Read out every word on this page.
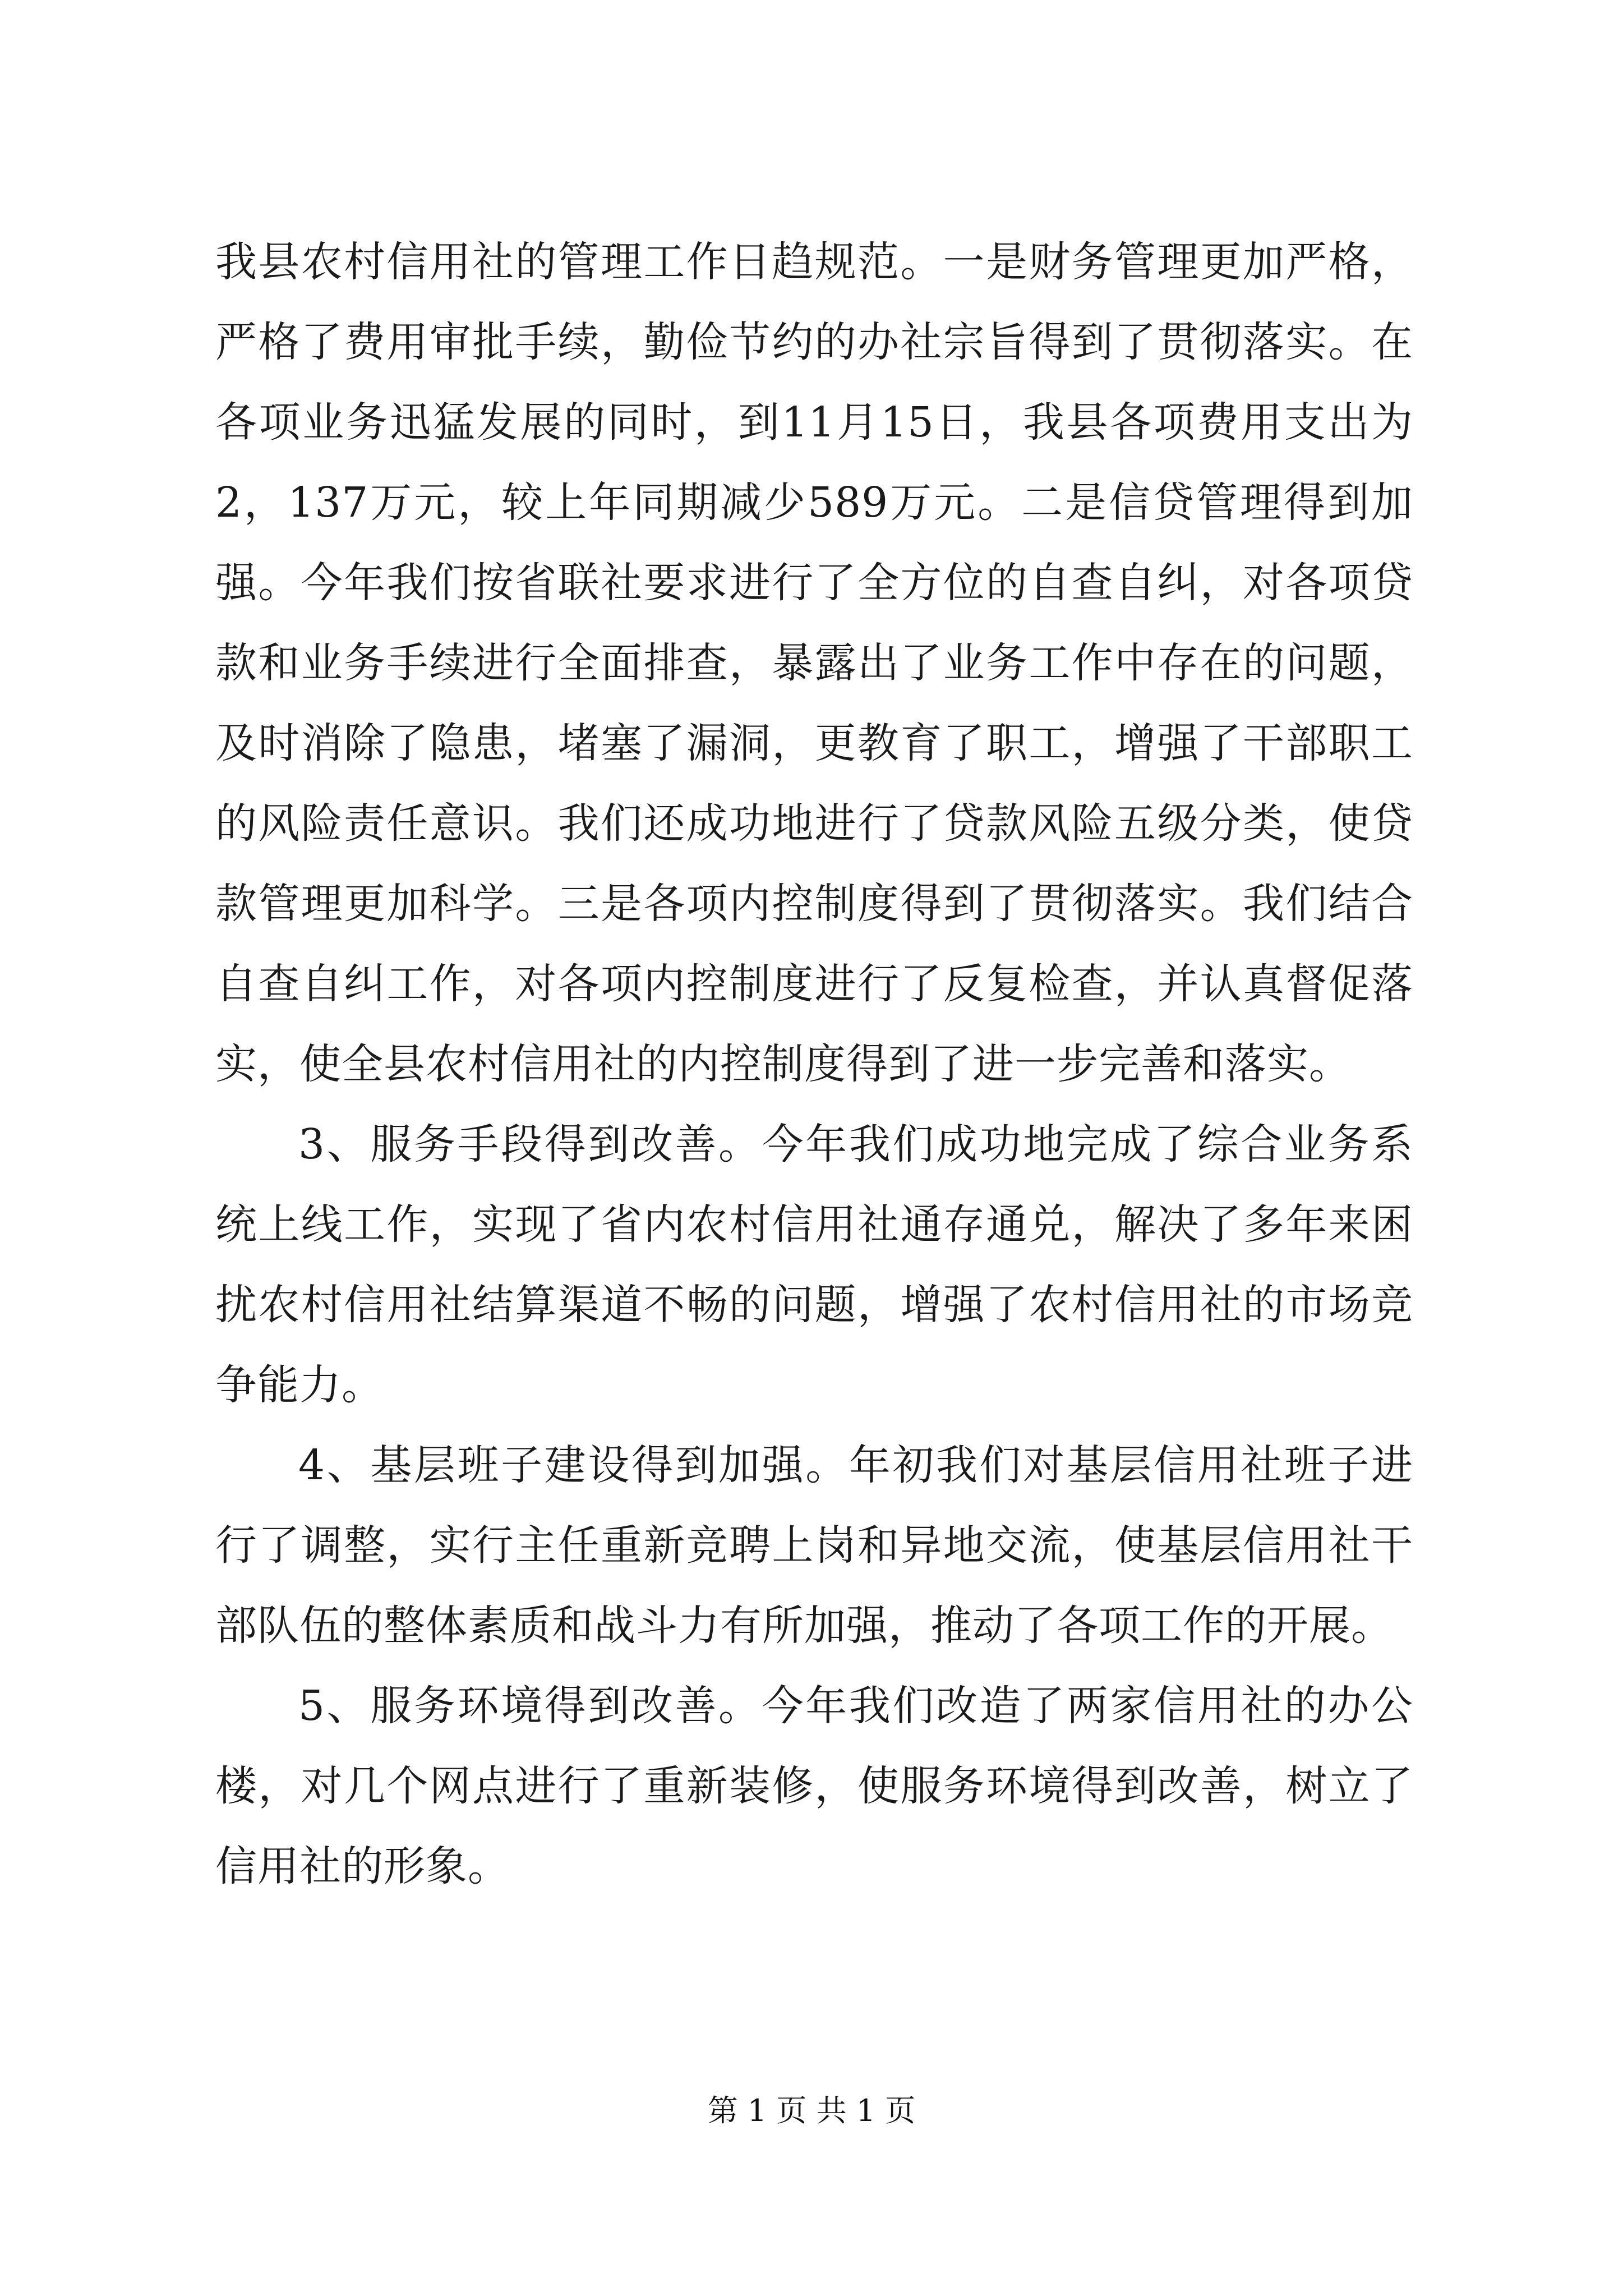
我县农村信用社的管理工作日趋规范。一是财务管理更加严格，严格了费用审批手续，勤俭节约的办社宗旨得到了贯彻落实。在各项业务迅猛发展的同时，到11月15日，我县各项费用支出为2，137万元，较上年同期减少589万元。二是信贷管理得到加强。今年我们按省联社要求进行了全方位的自查自纠，对各项贷款和业务手续进行全面排查，暴露出了业务工作中存在的问题，及时消除了隐患，堵塞了漏洞，更教育了职工，增强了干部职工的风险责任意识。我们还成功地进行了贷款风险五级分类，使贷款管理更加科学。三是各项内控制度得到了贯彻落实。我们结合自查自纠工作，对各项内控制度进行了反复检查，并认真督促落实，使全县农村信用社的内控制度得到了进一步完善和落实。

3、服务手段得到改善。今年我们成功地完成了综合业务系统上线工作，实现了省内农村信用社通存通兑，解决了多年来困扰农村信用社结算渠道不畅的问题，增强了农村信用社的市场竞争能力。

4、基层班子建设得到加强。年初我们对基层信用社班子进行了调整，实行主任重新竞聘上岗和异地交流，使基层信用社干部队伍的整体素质和战斗力有所加强，推动了各项工作的开展。

5、服务环境得到改善。今年我们改造了两家信用社的办公楼，对几个网点进行了重新装修，使服务环境得到改善，树立了信用社的形象。

第 1 页 共 1 页
